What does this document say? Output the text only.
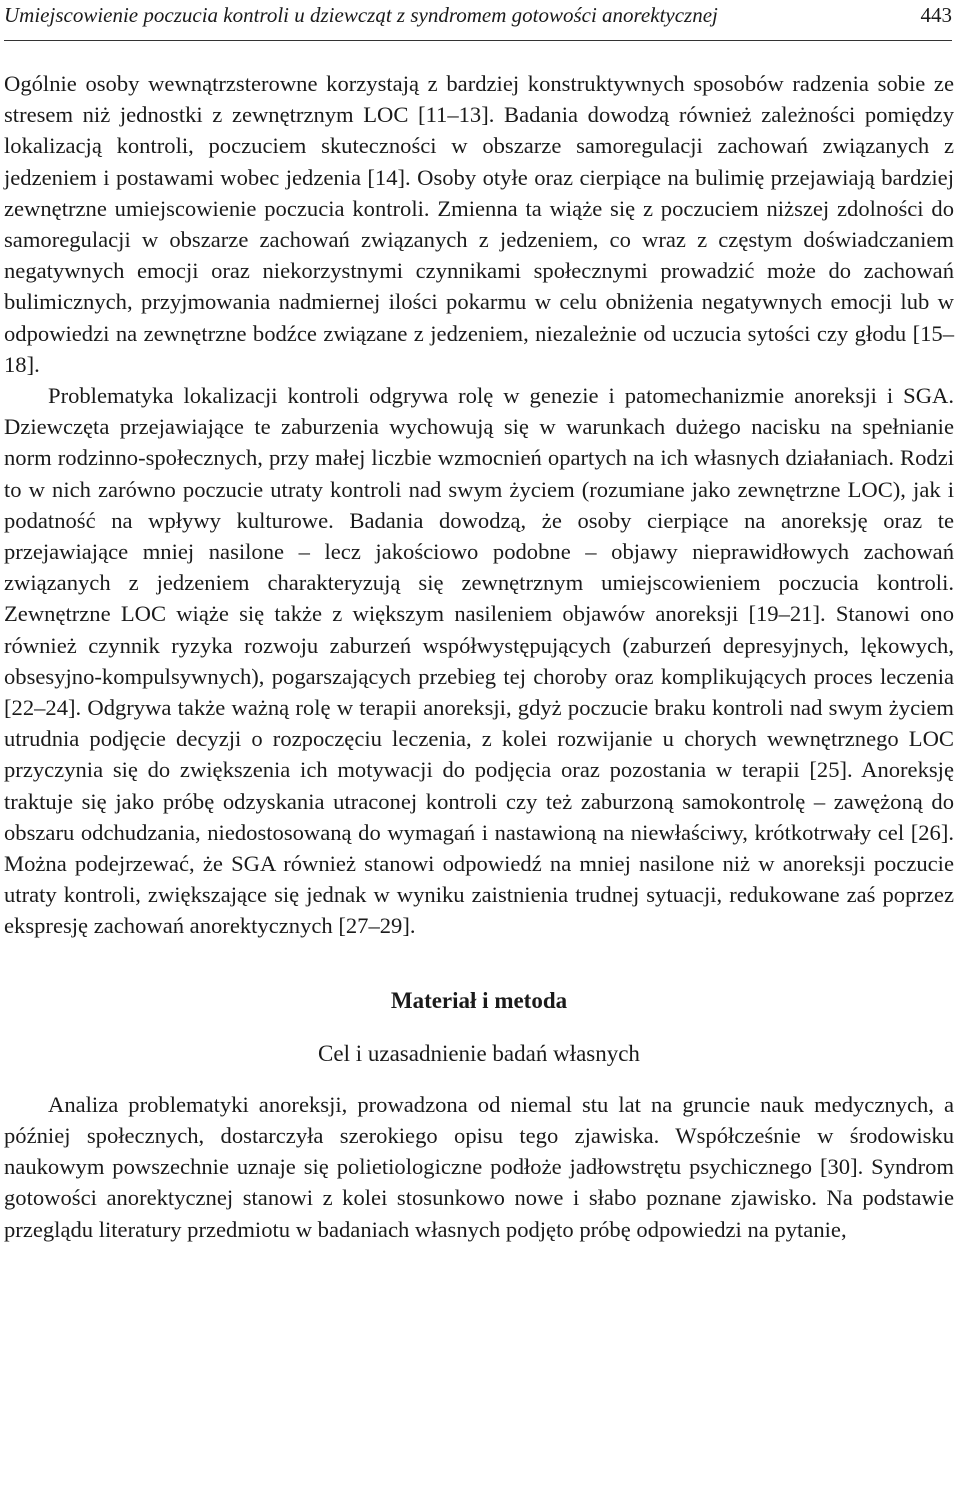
Umiejscowienie poczucia kontroli u dziewcząt z syndromem gotowości anorektycznej	443

Ogólnie osoby wewnątrzsterowne korzystają z bardziej konstruktywnych sposobów radzenia sobie ze stresem niż jednostki z zewnętrznym LOC [11–13]. Badania dowodzą również zależności pomiędzy lokalizacją kontroli, poczuciem skuteczności w obszarze samoregulacji zachowań związanych z jedzeniem i postawami wobec jedzenia [14]. Osoby otyłe oraz cierpiące na bulimię przejawiają bardziej zewnętrzne umiejscowienie poczucia kontroli. Zmienna ta wiąże się z poczuciem niższej zdolności do samoregulacji w obszarze zachowań związanych z jedzeniem, co wraz z częstym doświadczaniem negatywnych emocji oraz niekorzystnymi czynnikami społecznymi prowadzić może do zachowań bulimicznych, przyjmowania nadmiernej ilości pokarmu w celu obniżenia negatywnych emocji lub w odpowiedzi na zewnętrzne bodźce związane z jedzeniem, niezależnie od uczucia sytości czy głodu [15–18].

Problematyka lokalizacji kontroli odgrywa rolę w genezie i patomechanizmie anoreksji i SGA. Dziewczęta przejawiające te zaburzenia wychowują się w warunkach dużego nacisku na spełnianie norm rodzinno-społecznych, przy małej liczbie wzmocnień opartych na ich własnych działaniach. Rodzi to w nich zarówno poczucie utraty kontroli nad swym życiem (rozumiane jako zewnętrzne LOC), jak i podatność na wpływy kulturowe. Badania dowodzą, że osoby cierpiące na anoreksję oraz te przejawiające mniej nasilone – lecz jakościowo podobne – objawy nieprawidłowych zachowań związanych z jedzeniem charakteryzują się zewnętrznym umiejscowieniem poczucia kontroli. Zewnętrzne LOC wiąże się także z większym nasileniem objawów anoreksji [19–21]. Stanowi ono również czynnik ryzyka rozwoju zaburzeń współwystępujących (zaburzeń depresyjnych, lękowych, obsesyjno-kompulsywnych), pogarszających przebieg tej choroby oraz komplikujących proces leczenia [22–24]. Odgrywa także ważną rolę w terapii anoreksji, gdyż poczucie braku kontroli nad swym życiem utrudnia podjęcie decyzji o rozpoczęciu leczenia, z kolei rozwijanie u chorych wewnętrznego LOC przyczynia się do zwiększenia ich motywacji do podjęcia oraz pozostania w terapii [25]. Anoreksję traktuje się jako próbę odzyskania utraconej kontroli czy też zaburzoną samokontrolę – zawężoną do obszaru odchudzania, niedostosowaną do wymagań i nastawioną na niewłaściwy, krótkotrwały cel [26]. Można podejrzewać, że SGA również stanowi odpowiedź na mniej nasilone niż w anoreksji poczucie utraty kontroli, zwiększające się jednak w wyniku zaistnienia trudnej sytuacji, redukowane zaś poprzez ekspresję zachowań anorektycznych [27–29].

Materiał i metoda
Cel i uzasadnienie badań własnych

Analiza problematyki anoreksji, prowadzona od niemal stu lat na gruncie nauk medycznych, a później społecznych, dostarczyła szerokiego opisu tego zjawiska. Współcześnie w środowisku naukowym powszechnie uznaje się polietiologiczne podłoże jadłowstrętu psychicznego [30]. Syndrom gotowości anorektycznej stanowi z kolei stosunkowo nowe i słabo poznane zjawisko. Na podstawie przeglądu literatury przedmiotu w badaniach własnych podjęto próbę odpowiedzi na pytanie,
